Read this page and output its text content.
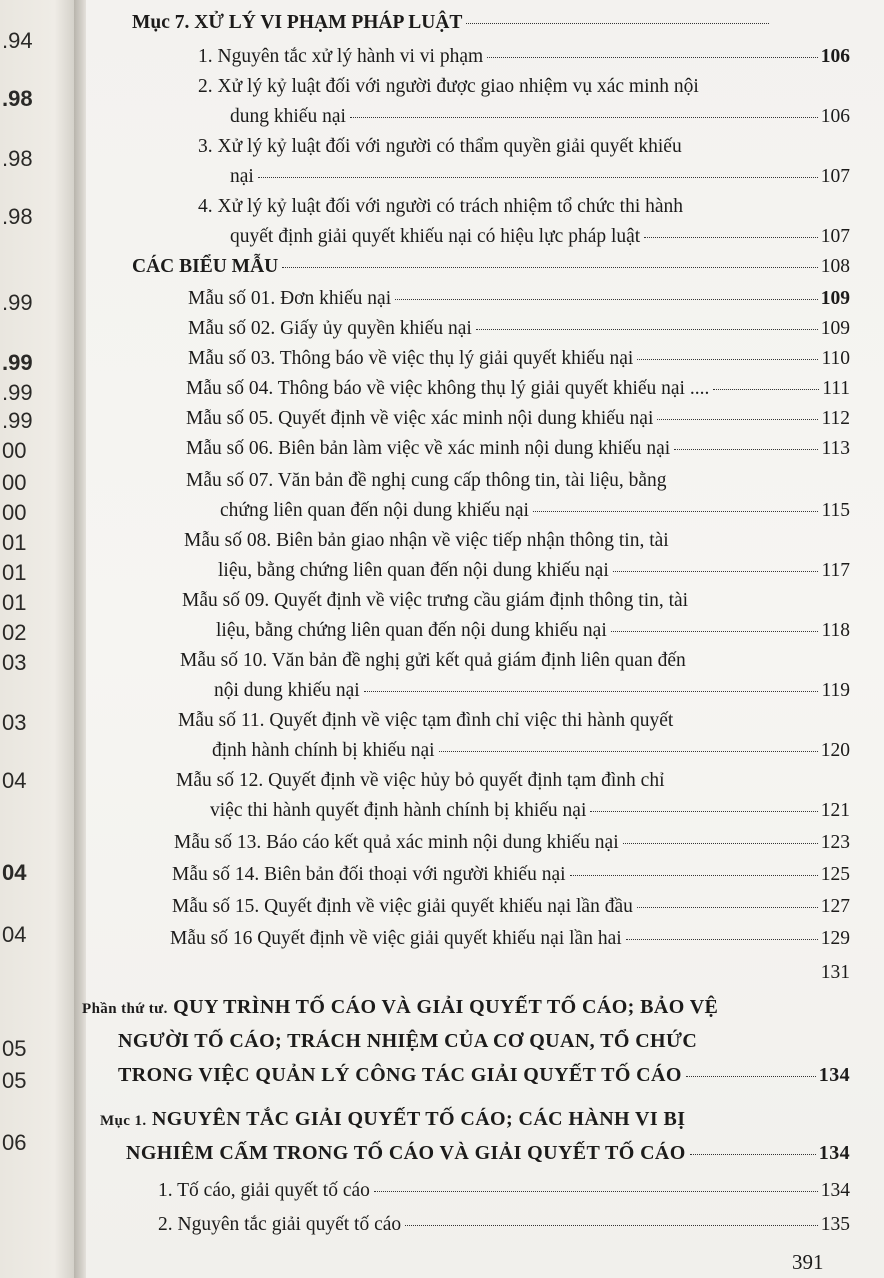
.94
.98
.98
.98
.99
.99
.99
.99
00
00
00
01
01
01
02
03
03
04
04
04
05
05
06
Mục 7. XỬ LÝ VI PHẠM PHÁP LUẬT
1. Nguyên tắc xử lý hành vi vi phạm	106
2. Xử lý kỷ luật đối với người được giao nhiệm vụ xác minh nội
dung khiếu nại	106
3. Xử lý kỷ luật đối với người có thẩm quyền giải quyết khiếu
nại	107
4. Xử lý kỷ luật đối với người có trách nhiệm tổ chức thi hành
quyết định giải quyết khiếu nại có hiệu lực pháp luật	107
CÁC BIỂU MẪU	108
Mẫu số 01. Đơn khiếu nại	109
Mẫu số 02. Giấy ủy quyền khiếu nại	109
Mẫu số 03. Thông báo về việc thụ lý giải quyết khiếu nại	110
Mẫu số 04. Thông báo về việc không thụ lý giải quyết khiếu nại ....	111
Mẫu số 05. Quyết định về việc xác minh nội dung khiếu nại	112
Mẫu số 06. Biên bản làm việc về xác minh nội dung khiếu nại	113
Mẫu số 07. Văn bản đề nghị cung cấp thông tin, tài liệu, bằng
chứng liên quan đến nội dung khiếu nại	115
Mẫu số 08. Biên bản giao nhận về việc tiếp nhận thông tin, tài
liệu, bằng chứng liên quan đến nội dung khiếu nại	117
Mẫu số 09. Quyết định về việc trưng cầu giám định thông tin, tài
liệu, bằng chứng liên quan đến nội dung khiếu nại	118
Mẫu số 10. Văn bản đề nghị gửi kết quả giám định liên quan đến
nội dung khiếu nại	119
Mẫu số 11. Quyết định về việc tạm đình chỉ việc thi hành quyết
định hành chính bị khiếu nại	120
Mẫu số 12. Quyết định về việc hủy bỏ quyết định tạm đình chỉ
việc thi hành quyết định hành chính bị khiếu nại	121
Mẫu số 13. Báo cáo kết quả xác minh nội dung khiếu nại	123
Mẫu số 14. Biên bản đối thoại với người khiếu nại	125
Mẫu số 15. Quyết định về việc giải quyết khiếu nại lần đầu	127
Mẫu số 16 Quyết định về việc giải quyết khiếu nại lần hai	129
131
Phần thứ tư. QUY TRÌNH TỐ CÁO VÀ GIẢI QUYẾT TỐ CÁO; BẢO VỆ
NGƯỜI TỐ CÁO; TRÁCH NHIỆM CỦA CƠ QUAN, TỔ CHỨC
TRONG VIỆC QUẢN LÝ CÔNG TÁC GIẢI QUYẾT TỐ CÁO	134
Mục 1. NGUYÊN TẮC GIẢI QUYẾT TỐ CÁO; CÁC HÀNH VI BỊ
NGHIÊM CẤM TRONG TỐ CÁO VÀ GIẢI QUYẾT TỐ CÁO	134
1. Tố cáo, giải quyết tố cáo	134
2. Nguyên tắc giải quyết tố cáo	135
391
